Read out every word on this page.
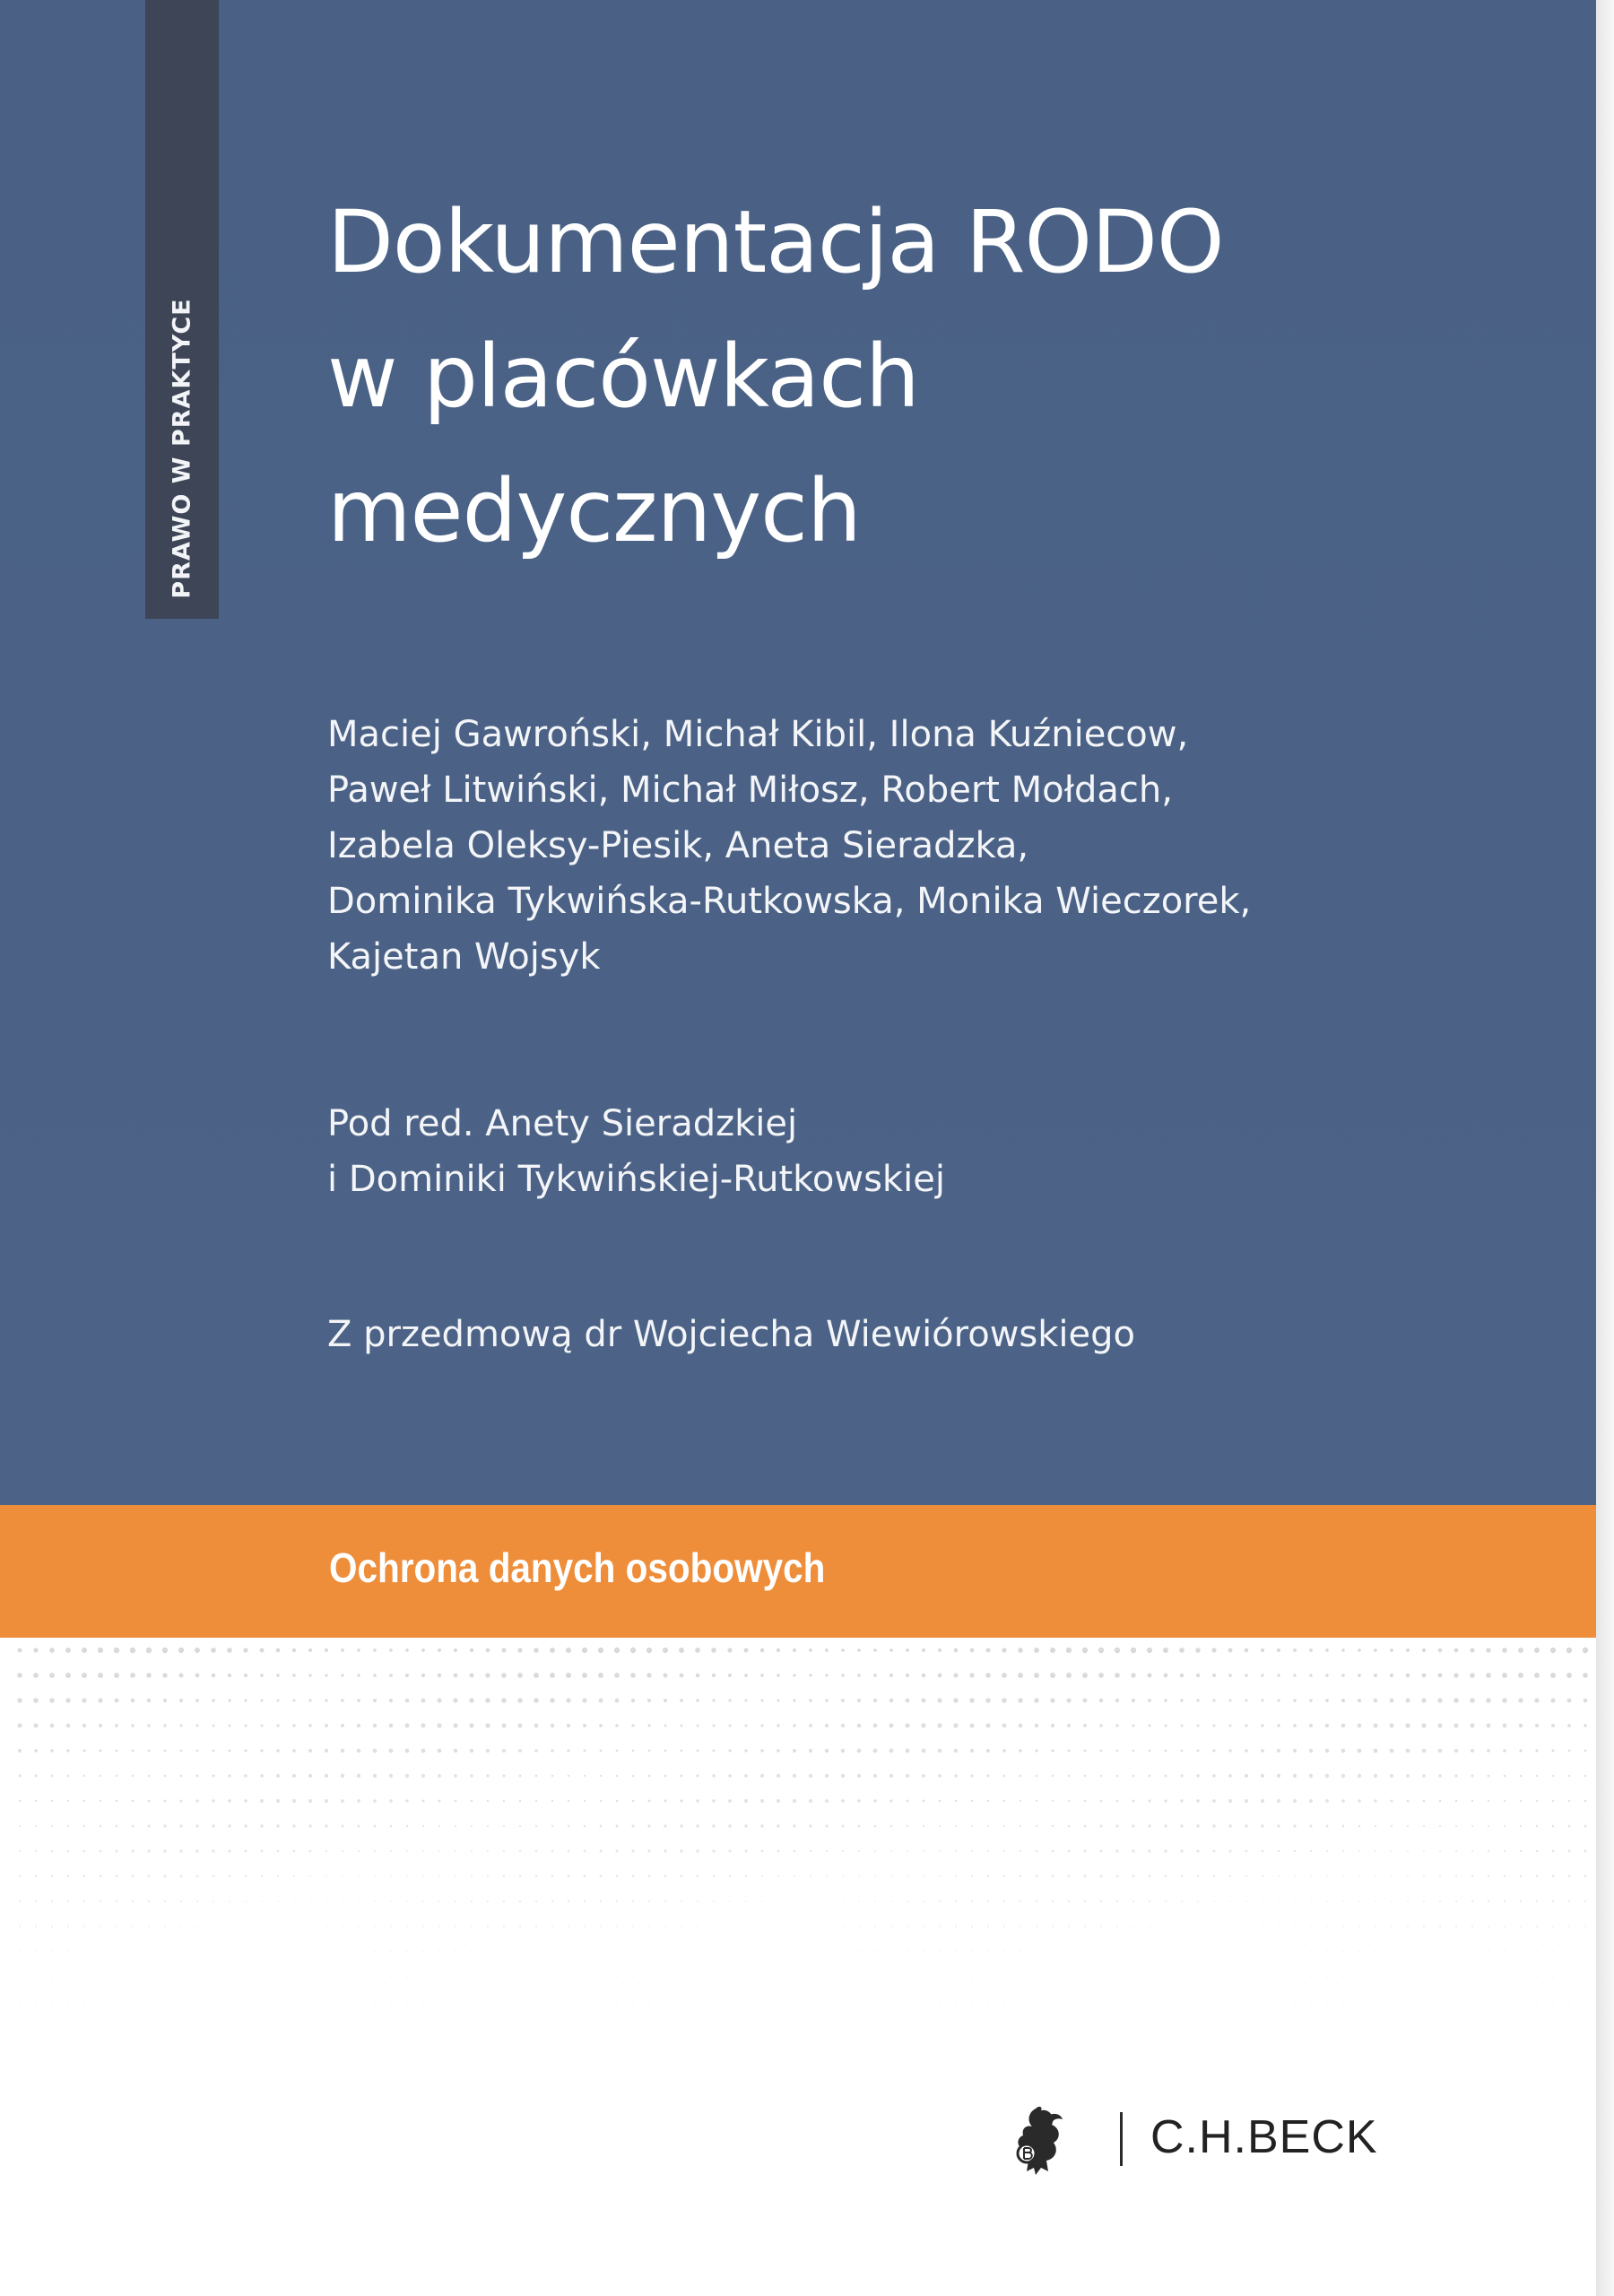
PRAWO W PRAKTYCE
Dokumentacja RODO
w placówkach
medycznych
Maciej Gawroński, Michał Kibil, Ilona Kuźniecow,
Paweł Litwiński, Michał Miłosz, Robert Mołdach,
Izabela Oleksy-Piesik, Aneta Sieradzka,
Dominika Tykwińska-Rutkowska, Monika Wieczorek,
Kajetan Wojsyk
Pod red. Anety Sieradzkiej
i Dominiki Tykwińskiej-Rutkowskiej
Z przedmową dr Wojciecha Wiewiórowskiego
Ochrona danych osobowych
C.H.BECK
